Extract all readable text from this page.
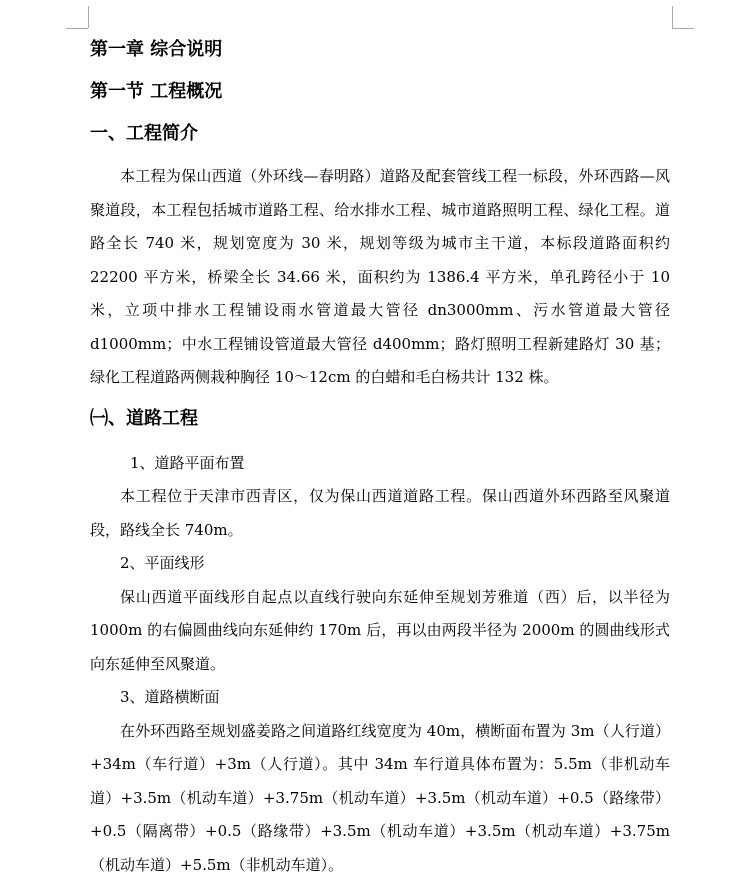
第一章 综合说明
第一节 工程概况
一、工程简介

本工程为保山西道（外环线—春明路）道路及配套管线工程一标段，外环西路—风聚道段，本工程包括城市道路工程、给水排水工程、城市道路照明工程、绿化工程。道路全长 740 米，规划宽度为 30 米，规划等级为城市主干道，本标段道路面积约 22200 平方米，桥梁全长 34.66 米，面积约为 1386.4 平方米，单孔跨径小于 10 米，立项中排水工程铺设雨水管道最大管径 dn3000mm、污水管道最大管径 d1000mm；中水工程铺设管道最大管径 d400mm；路灯照明工程新建路灯 30 基；绿化工程道路两侧栽种胸径 10～12cm 的白蜡和毛白杨共计 132 株。

㈠、道路工程

1、道路平面布置

本工程位于天津市西青区，仅为保山西道道路工程。保山西道外环西路至风聚道段，路线全长 740m。

2、平面线形

保山西道平面线形自起点以直线行驶向东延伸至规划芳雅道（西）后，以半径为 1000m 的右偏圆曲线向东延伸约 170m 后，再以由两段半径为 2000m 的圆曲线形式向东延伸至风聚道。

3、道路横断面

在外环西路至规划盛姜路之间道路红线宽度为 40m，横断面布置为 3m（人行道）+34m（车行道）+3m（人行道）。其中 34m 车行道具体布置为：5.5m（非机动车道）+3.5m（机动车道）+3.75m（机动车道）+3.5m（机动车道）+0.5（路缘带）+0.5（隔离带）+0.5（路缘带）+3.5m（机动车道）+3.5m（机动车道）+3.75m（机动车道）+5.5m（非机动车道）。
